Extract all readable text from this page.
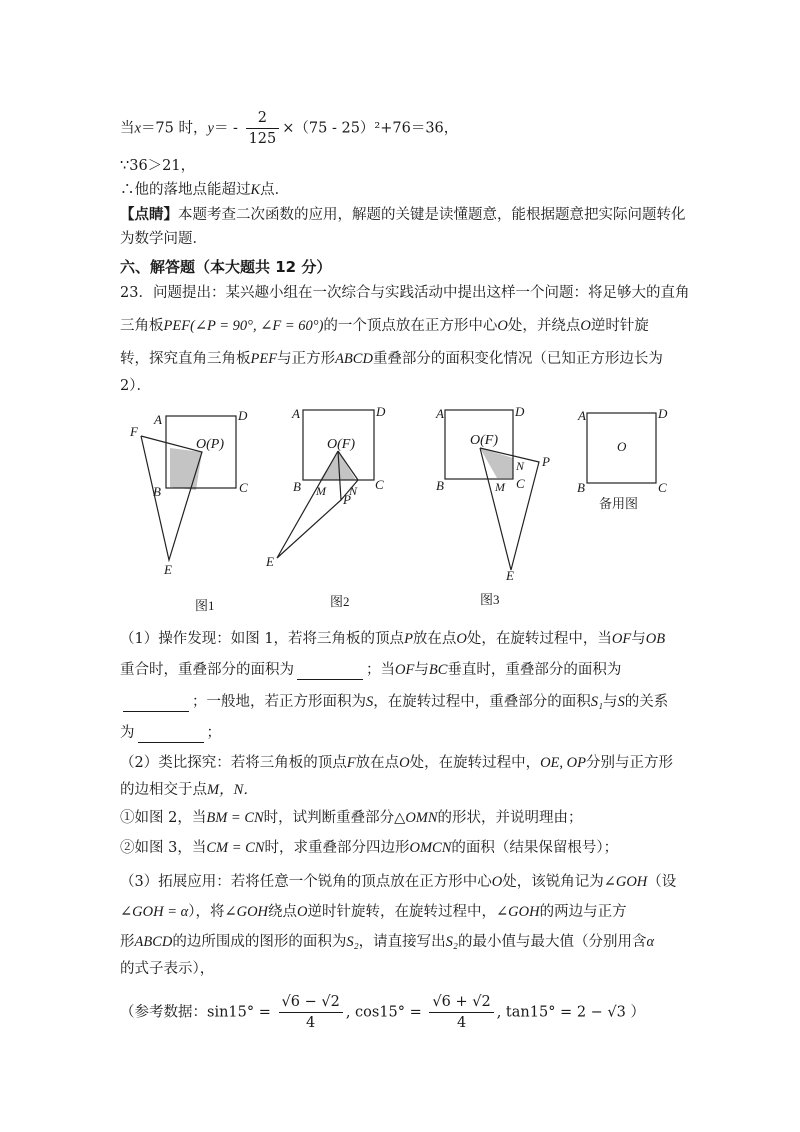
当x＝75 时，$y= - \frac{2}{125} \times(75 - 25)^2+76=36$，
∵36＞21，
∴他的落地点能超过K点．
【点睛】本题考查二次函数的应用，解题的关键是读懂题意，能根据题意把实际问题转化
为数学问题．
六、解答题（本大题共 12 分）
23．问题提出：某兴趣小组在一次综合与实践活动中提出这样一个问题：将足够大的直角
三角板PEF(∠P = 90°, ∠F = 60°)的一个顶点放在正方形中心O处，并绕点O逆时针旋
转，探究直角三角板PEF与正方形ABCD重叠部分的面积变化情况（已知正方形边长为
2）．
A	D
F
O(P)
B	C
E
图1
A	D
O(F)
B M N C
P
E
图2
A	D
O(F)
N P
B	M C
E
图3
A	D
O
B	C
备用图
（1）操作发现：如图 1，若将三角板的顶点P放在点O处，在旋转过程中，当OF与OB
重合时，重叠部分的面积为	；当OF与BC垂直时，重叠部分的面积为
；一般地，若正方形面积为S，在旋转过程中，重叠部分的面积S₁与S的关系
为	；
（2）类比探究：若将三角板的顶点F放在点O处，在旋转过程中，OE, OP分别与正方形
的边相交于点M，N．
①如图 2，当BM = CN时，试判断重叠部分△OMN的形状，并说明理由；
②如图 3，当CM = CN时，求重叠部分四边形OMCN的面积（结果保留根号）；
（3）拓展应用：若将任意一个锐角的顶点放在正方形中心O处，该锐角记为∠GOH（设
∠GOH = α），将∠GOH绕点O逆时针旋转，在旋转过程中，∠GOH的两边与正方
形ABCD的边所围成的图形的面积为S₂，请直接写出S₂的最小值与最大值（分别用含α
的式子表示），
（参考数据：$\sin 15^\circ = \frac{√6 - √2}{4}$ , $\cos 15^\circ = \frac{√6 + √2}{4}$ , tan15° = 2 − √3 ）
